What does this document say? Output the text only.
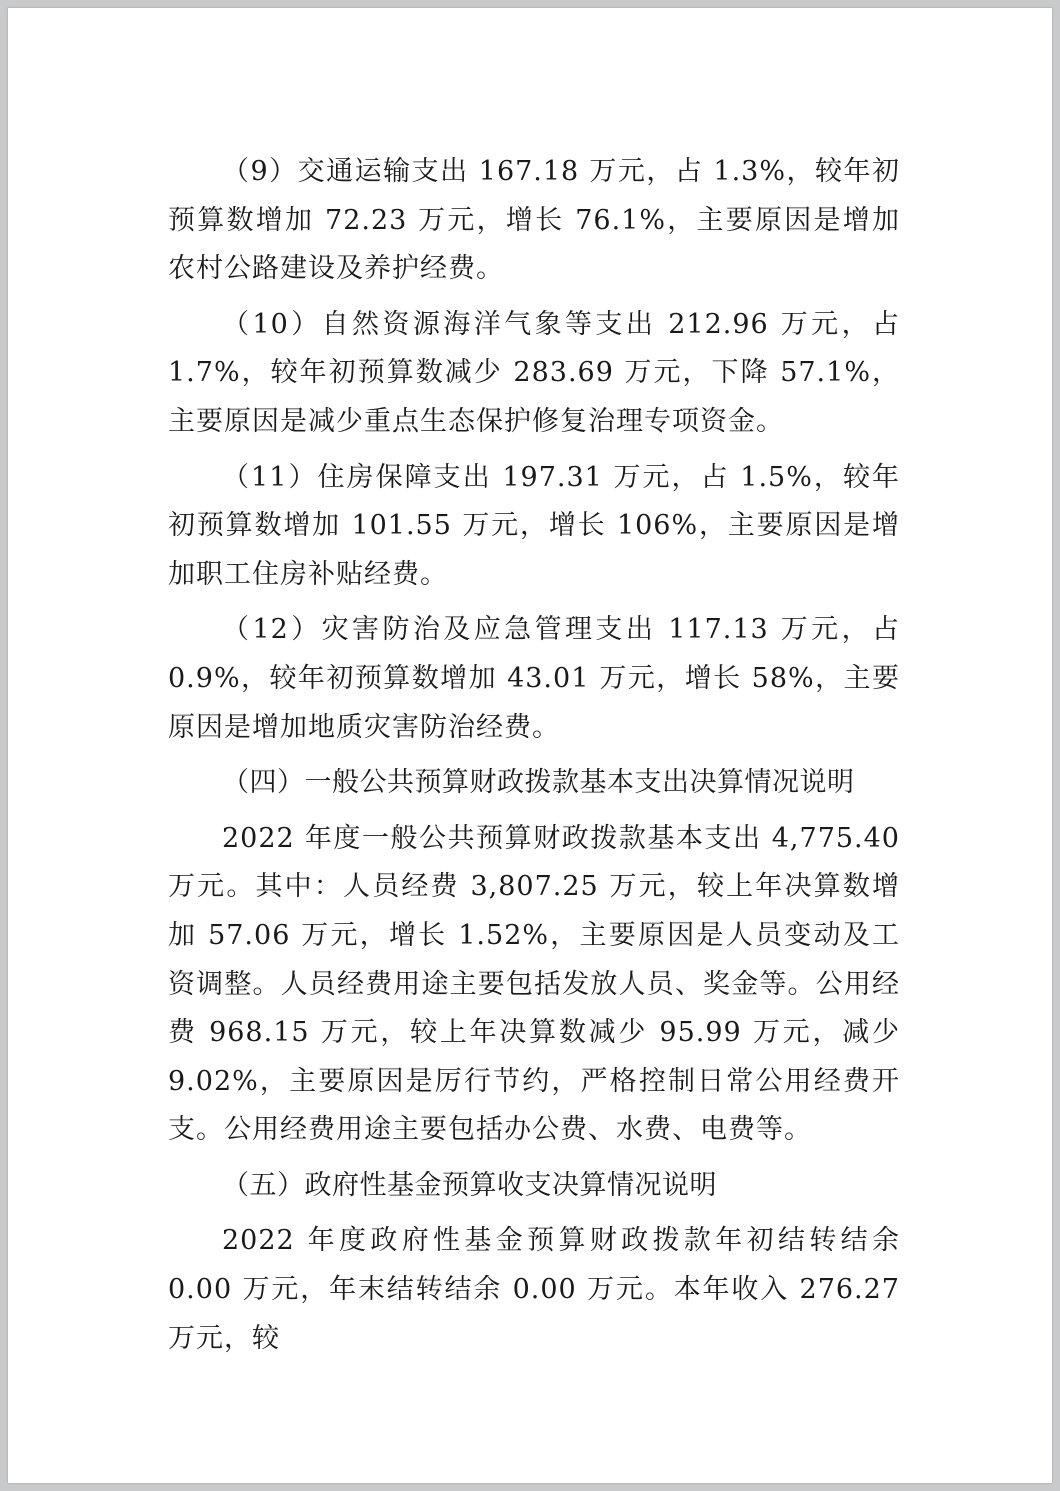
（9）交通运输支出 167.18 万元，占 1.3%，较年初预算数增加 72.23 万元，增长 76.1%，主要原因是增加农村公路建设及养护经费。

（10）自然资源海洋气象等支出 212.96 万元，占 1.7%，较年初预算数减少 283.69 万元，下降 57.1%，主要原因是减少重点生态保护修复治理专项资金。

（11）住房保障支出 197.31 万元，占 1.5%，较年初预算数增加 101.55 万元，增长 106%，主要原因是增加职工住房补贴经费。

（12）灾害防治及应急管理支出 117.13 万元，占 0.9%，较年初预算数增加 43.01 万元，增长 58%，主要原因是增加地质灾害防治经费。

（四）一般公共预算财政拨款基本支出决算情况说明

2022 年度一般公共预算财政拨款基本支出 4,775.40 万元。其中：人员经费 3,807.25 万元，较上年决算数增加 57.06 万元，增长 1.52%，主要原因是人员变动及工资调整。人员经费用途主要包括发放人员、奖金等。公用经费 968.15 万元，较上年决算数减少 95.99 万元，减少 9.02%，主要原因是厉行节约，严格控制日常公用经费开支。公用经费用途主要包括办公费、水费、电费等。

（五）政府性基金预算收支决算情况说明

2022 年度政府性基金预算财政拨款年初结转结余 0.00 万元，年末结转结余 0.00 万元。本年收入 276.27 万元，较
